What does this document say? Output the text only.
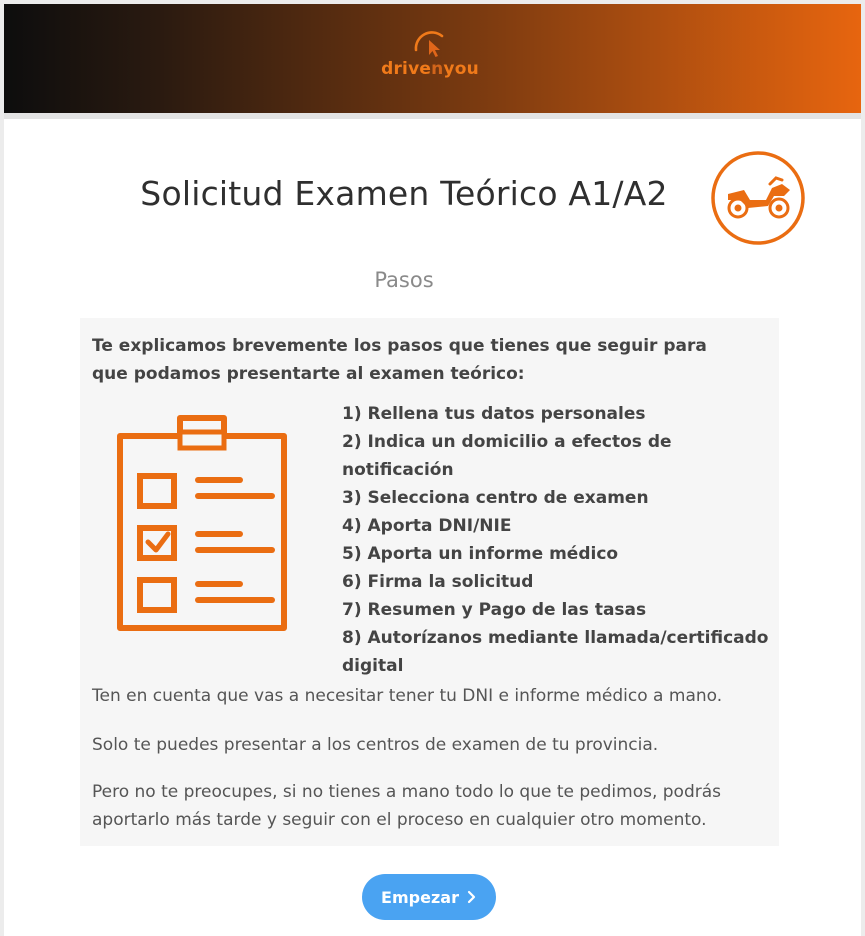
drivenyou
Solicitud Examen Teórico A1/A2
Pasos
Te explicamos brevemente los pasos que tienes que seguir para que podamos presentarte al examen teórico:
1) Rellena tus datos personales
2) Indica un domicilio a efectos de notificación
3) Selecciona centro de examen
4) Aporta DNI/NIE
5) Aporta un informe médico
6) Firma la solicitud
7) Resumen y Pago de las tasas
8) Autorízanos mediante llamada/certificado digital

Ten en cuenta que vas a necesitar tener tu DNI e informe médico a mano.

Solo te puedes presentar a los centros de examen de tu provincia.

Pero no te preocupes, si no tienes a mano todo lo que te pedimos, podrás aportarlo más tarde y seguir con el proceso en cualquier otro momento.

Empezar
